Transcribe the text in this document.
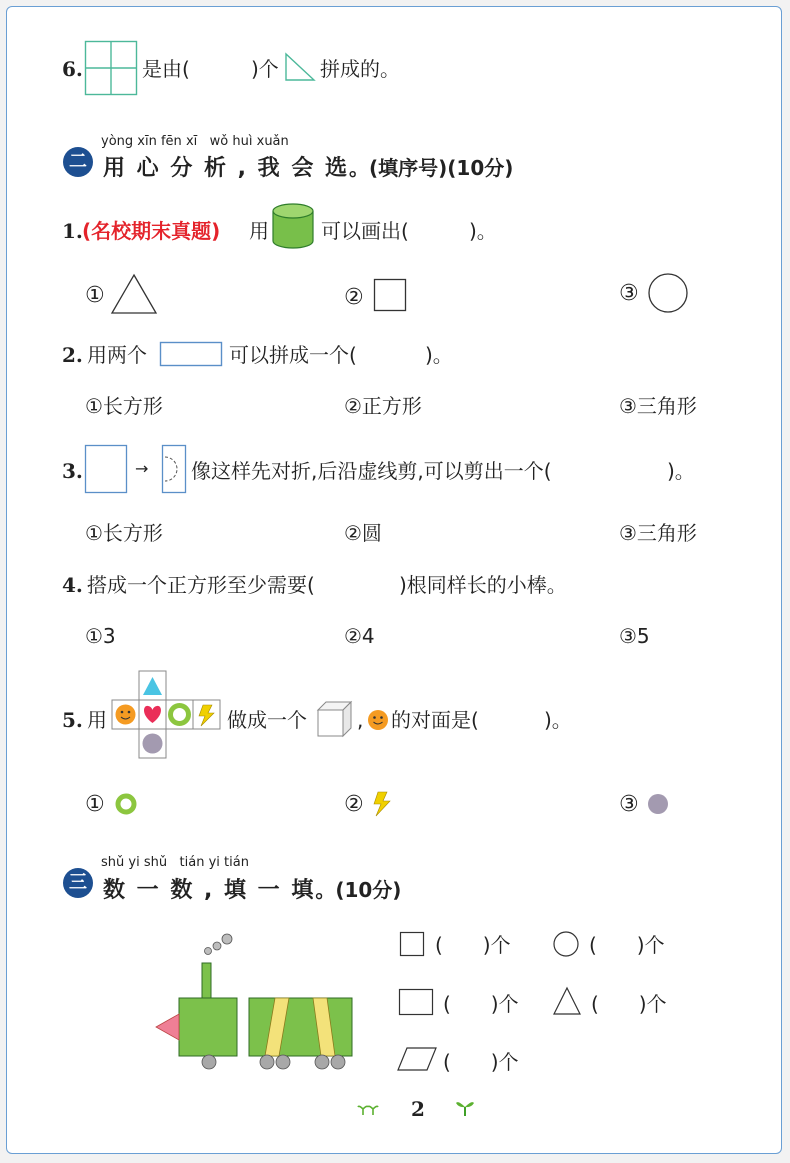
6.	是由(	)个 拼成的。
yòng xīn fēn xī wǒ huì xuǎn
二 用 心 分 析 , 我 会 选。(填序号)(10分)
1. (名校期末真题) 用	可以画出(	)。
①	②	③
2. 用两个	可以拼成一个(	)。
①长方形	②正方形	③三角形
3.	→ 像这样先对折,后沿虚线剪,可以剪出一个(	)。
①长方形	②圆	③三角形
4. 搭成一个正方形至少需要(	)根同样长的小棒。
①3	②4	③5
5. 用	做成一个	, 的对面是(	)。
①	②	③
shǔ yi shǔ tián yi tián
三 数 一 数 , 填 一 填。(10分)
(　　)个	(　　)个
(　　)个	(　　)个
(　　)个
2
